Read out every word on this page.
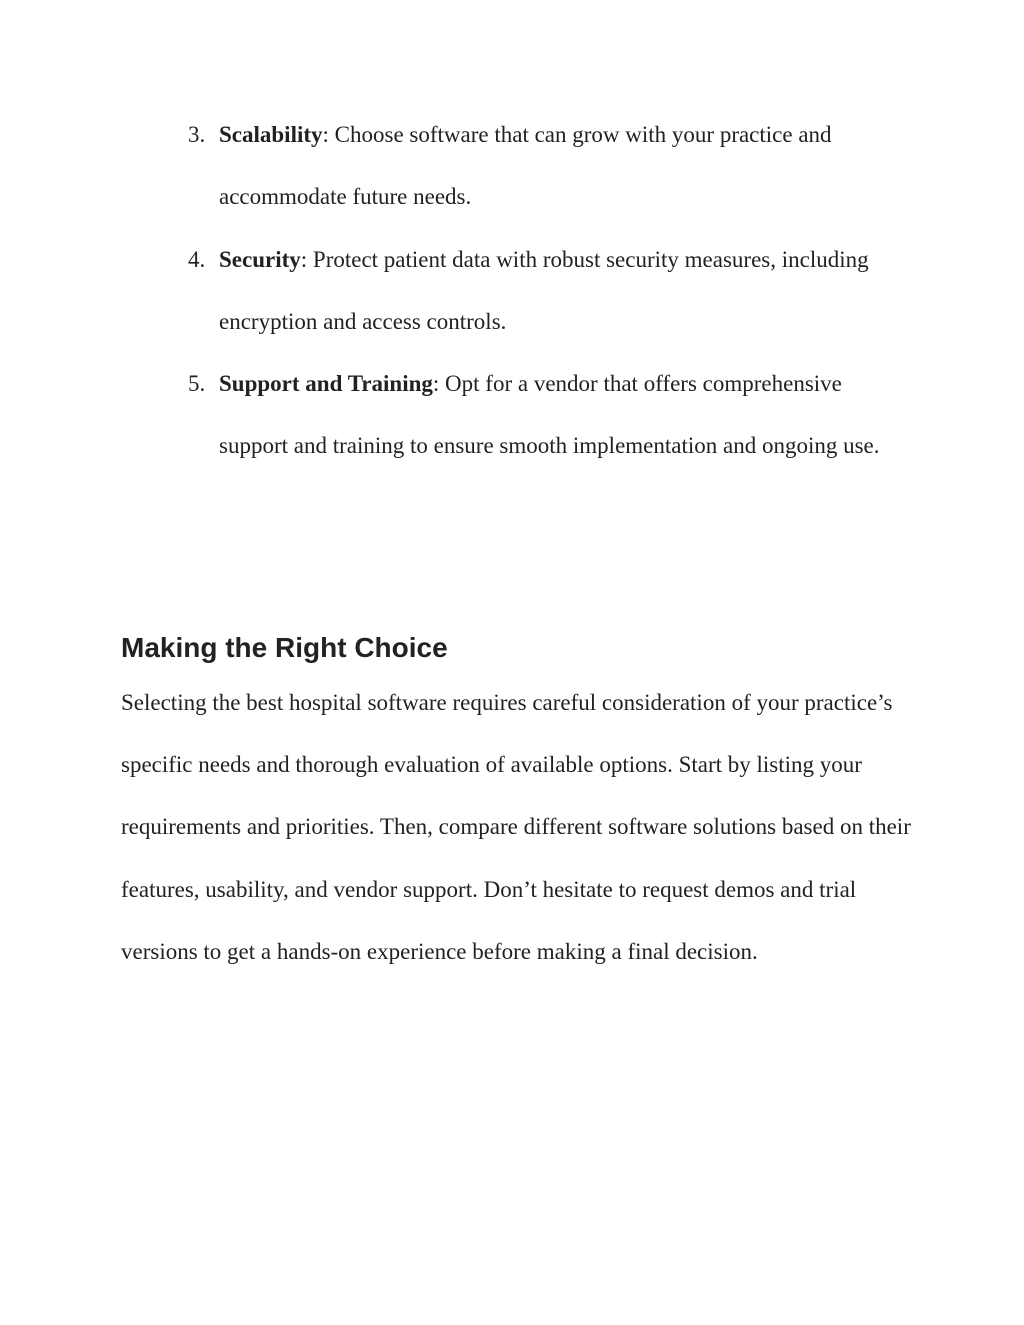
3. Scalability: Choose software that can grow with your practice and accommodate future needs.
4. Security: Protect patient data with robust security measures, including encryption and access controls.
5. Support and Training: Opt for a vendor that offers comprehensive support and training to ensure smooth implementation and ongoing use.
Making the Right Choice

Selecting the best hospital software requires careful consideration of your practice’s specific needs and thorough evaluation of available options. Start by listing your requirements and priorities. Then, compare different software solutions based on their features, usability, and vendor support. Don’t hesitate to request demos and trial versions to get a hands-on experience before making a final decision.
